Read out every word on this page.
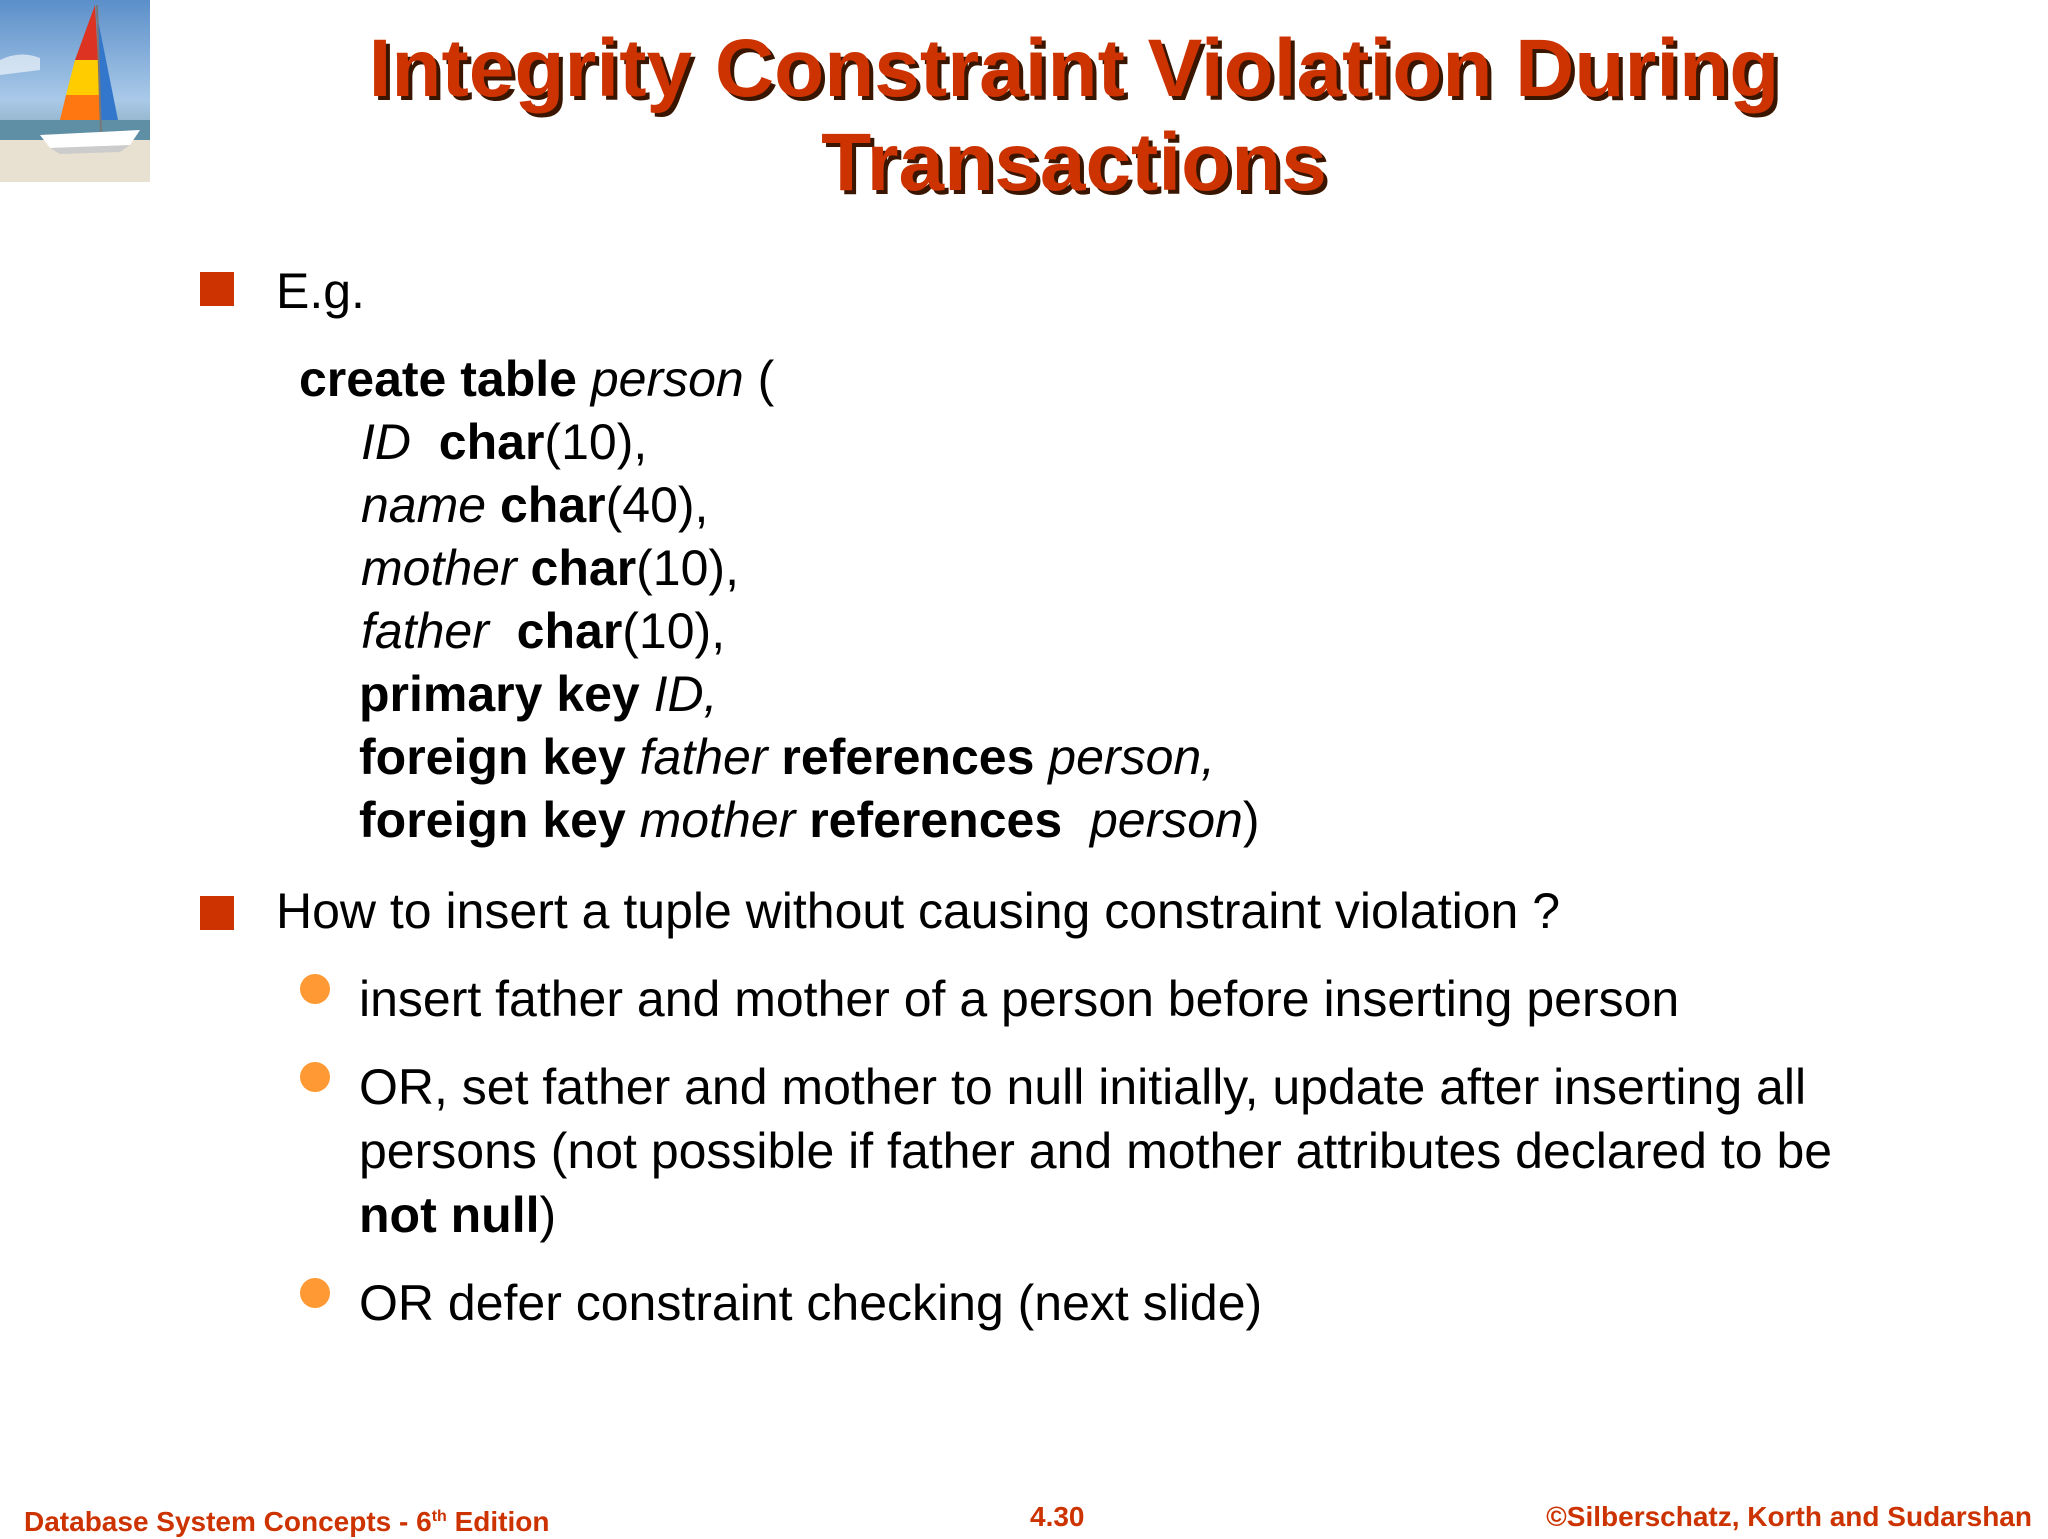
Integrity Constraint Violation During Transactions
E.g.
create table person (
ID char(10),
name char(40),
mother char(10),
father char(10),
primary key ID,
foreign key father references person,
foreign key mother references person)
How to insert a tuple without causing constraint violation ?
insert father and mother of a person before inserting person
OR, set father and mother to null initially, update after inserting all
persons (not possible if father and mother attributes declared to be
not null)
OR defer constraint checking (next slide)
Database System Concepts - 6th Edition	4.30	©Silberschatz, Korth and Sudarshan
